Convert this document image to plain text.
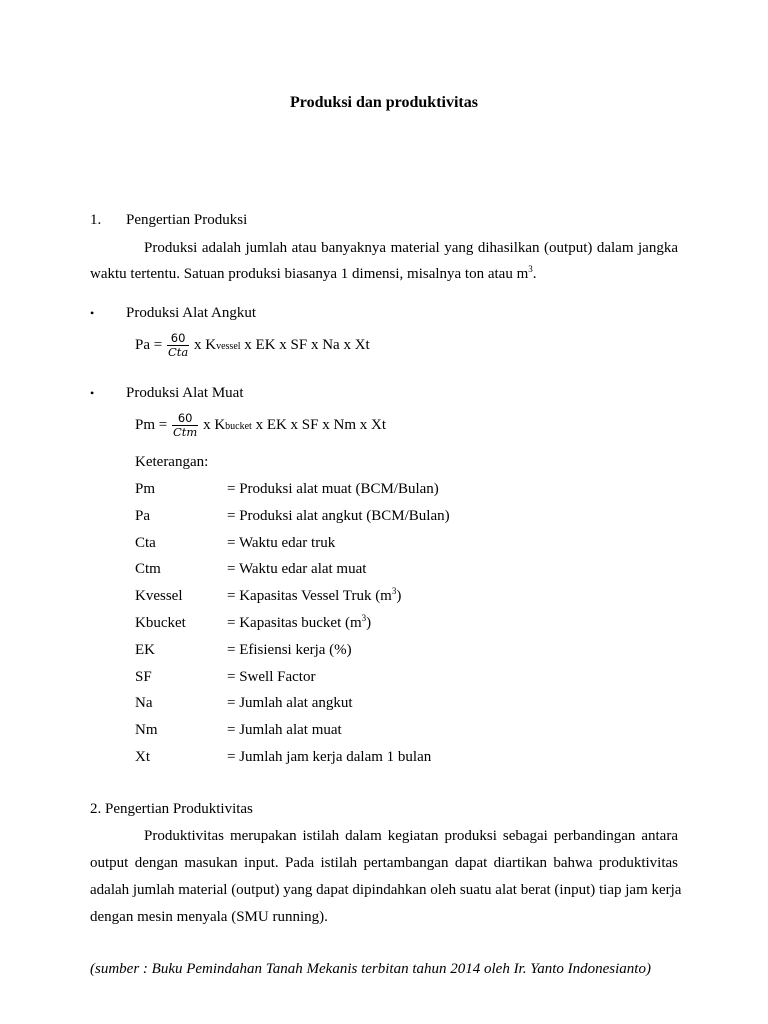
Produksi dan produktivitas
1. Pengertian Produksi
Produksi adalah jumlah atau banyaknya material yang dihasilkan (output) dalam jangka
waktu tertentu. Satuan produksi biasanya 1 dimensi, misalnya ton atau $m^3$.
• Produksi Alat Angkut
$Pa = \frac{60}{\text{Cta}}$ x Kvessel x EK x SF x Na x Xt
• Produksi Alat Muat
$Pm = \frac{60}{\text{Ctm}}$ x Kbucket x EK x SF x Nm x Xt
Keterangan:
Pm	= Produksi alat muat (BCM/Bulan)
Pa	= Produksi alat angkut (BCM/Bulan)
Cta	= Waktu edar truk
Ctm	= Waktu edar alat muat
Kvessel	= Kapasitas Vessel Truk $(m^3)$
Kbucket	= Kapasitas bucket $(m^3)$
EK	= Efisiensi kerja (%)
SF	= Swell Factor
Na	= Jumlah alat angkut
Nm	= Jumlah alat muat
Xt	= Jumlah jam kerja dalam 1 bulan
2. Pengertian Produktivitas
Produktivitas merupakan istilah dalam kegiatan produksi sebagai perbandingan antara
output dengan masukan input. Pada istilah pertambangan dapat diartikan bahwa produktivitas
adalah jumlah material (output) yang dapat dipindahkan oleh suatu alat berat (input) tiap jam kerja
dengan mesin menyala (SMU running).
(sumber : Buku Pemindahan Tanah Mekanis terbitan tahun 2014 oleh Ir. Yanto Indonesianto)
